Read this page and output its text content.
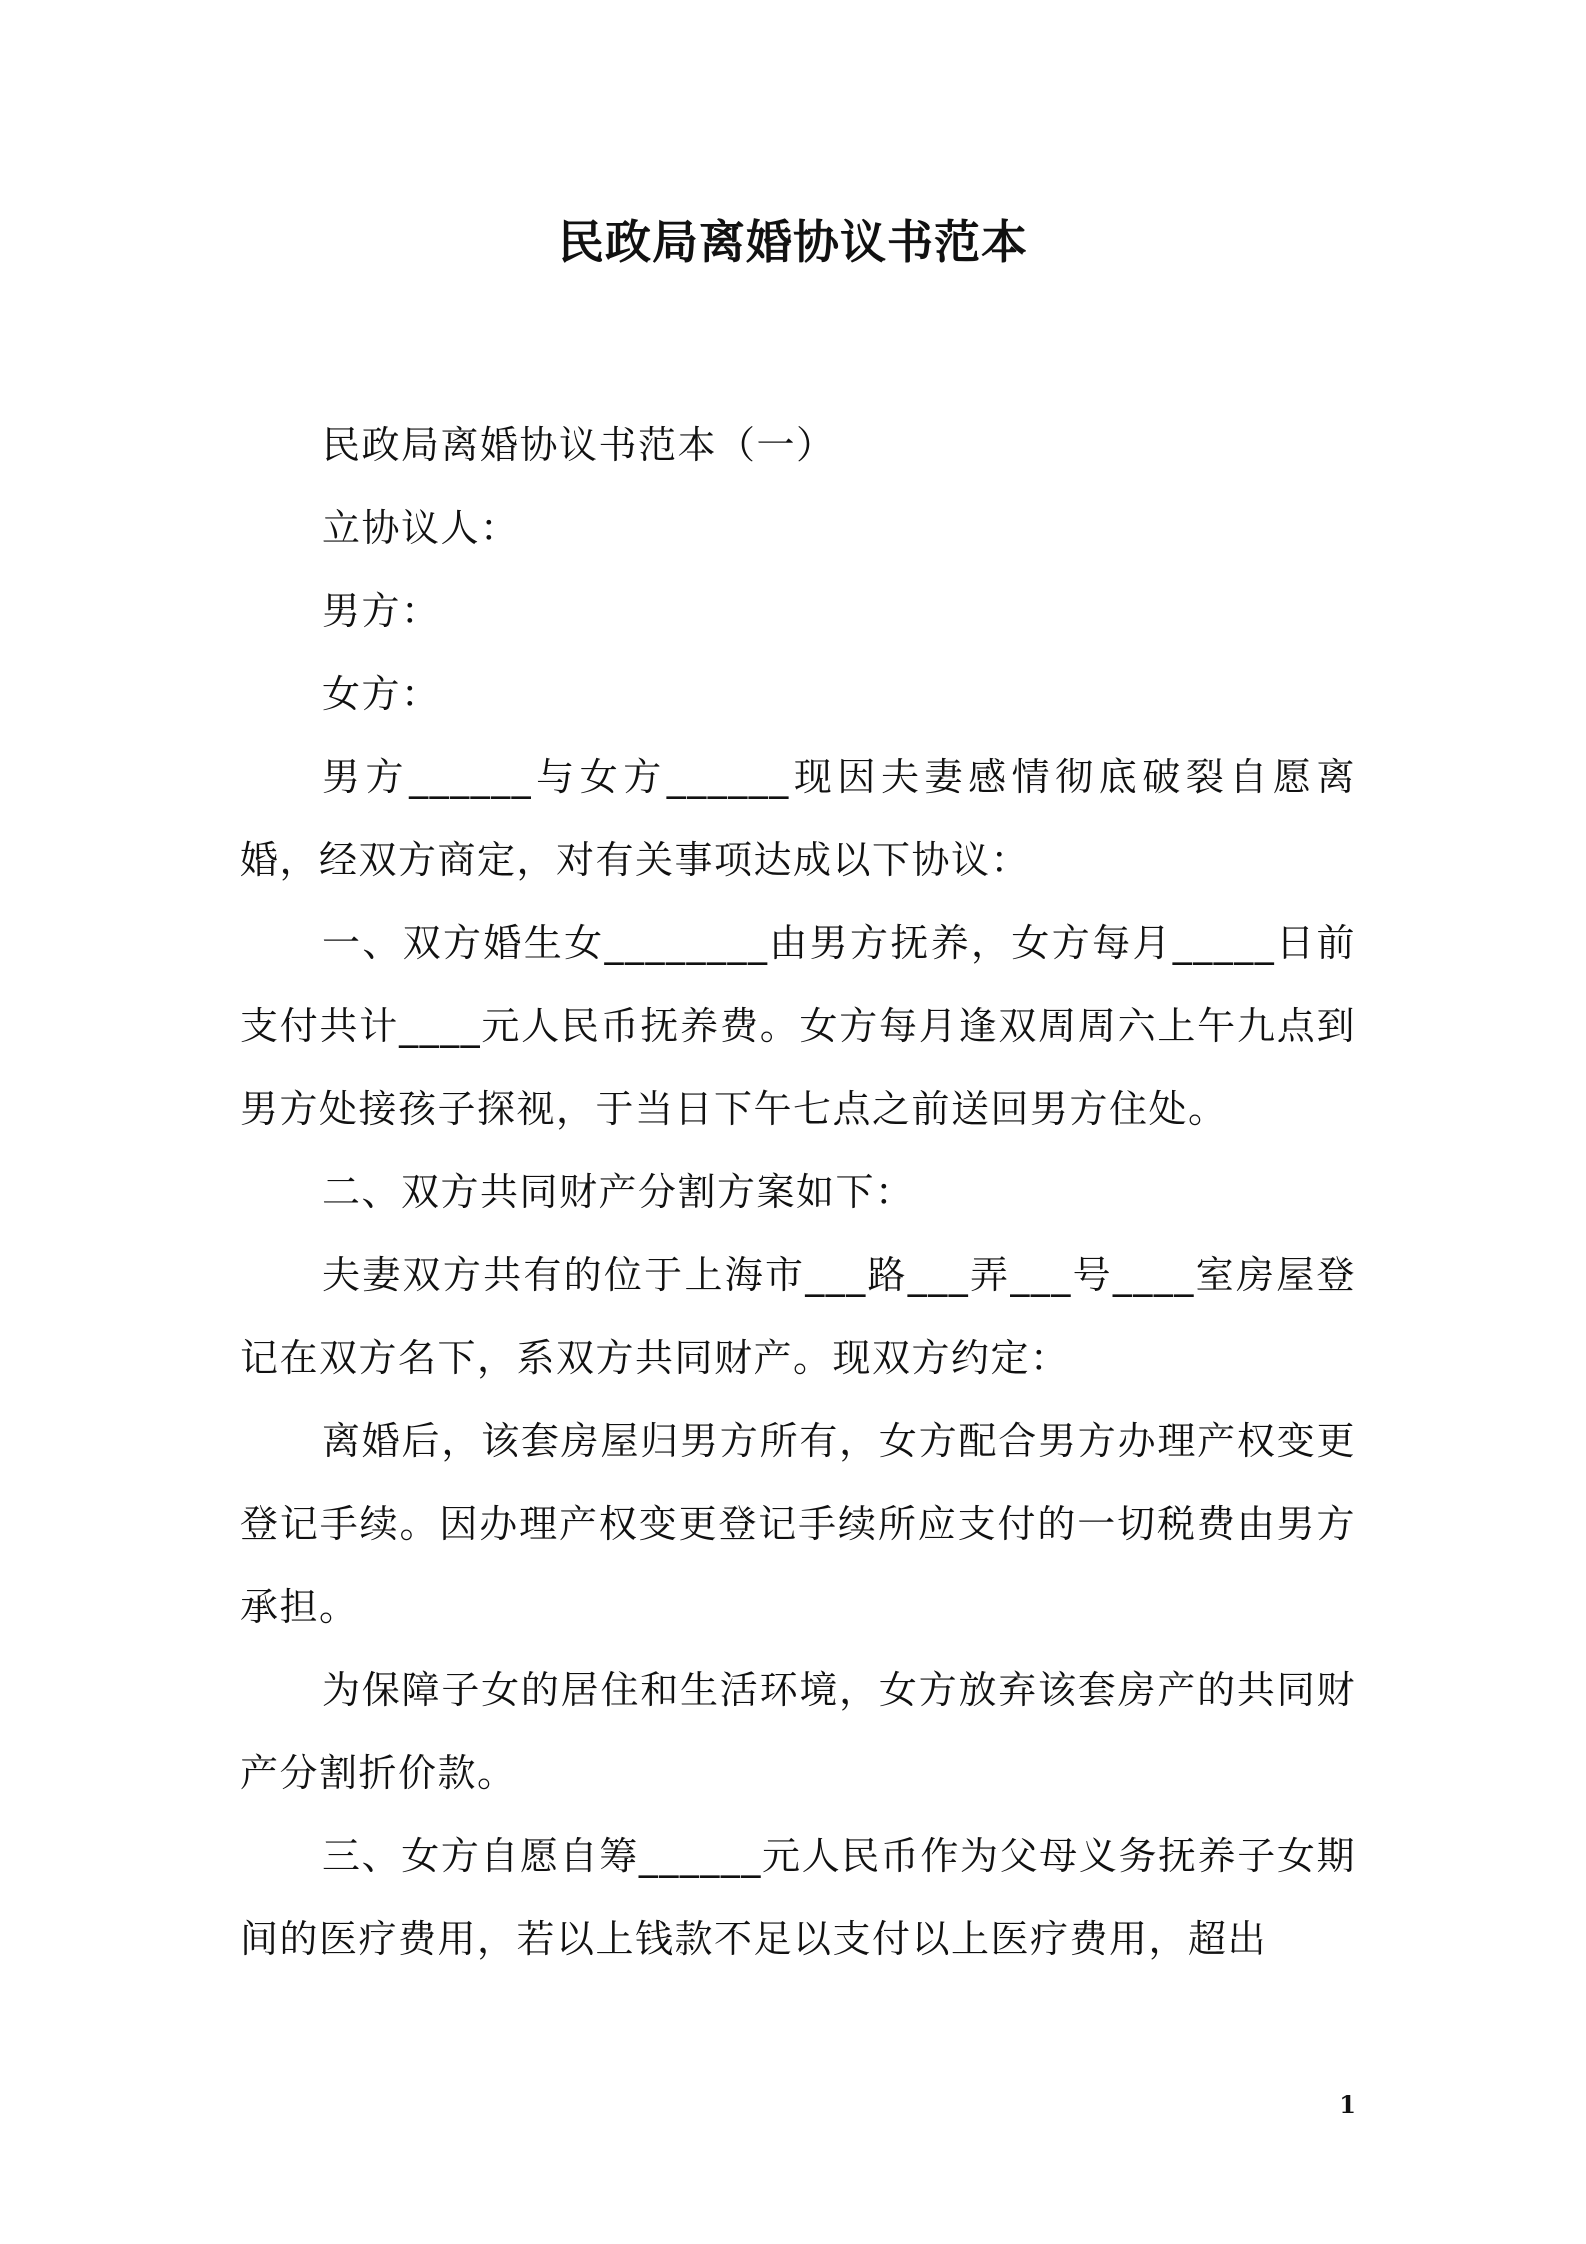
民政局离婚协议书范本

民政局离婚协议书范本（一）

立协议人：

男方：

女方：

男方______与女方______现因夫妻感情彻底破裂自愿离婚，经双方商定，对有关事项达成以下协议：

一、双方婚生女________由男方抚养，女方每月_____日前支付共计____元人民币抚养费。女方每月逢双周周六上午九点到男方处接孩子探视，于当日下午七点之前送回男方住处。

二、双方共同财产分割方案如下：

夫妻双方共有的位于上海市___路___弄___号____室房屋登记在双方名下，系双方共同财产。现双方约定：

离婚后，该套房屋归男方所有，女方配合男方办理产权变更登记手续。因办理产权变更登记手续所应支付的一切税费由男方承担。

为保障子女的居住和生活环境，女方放弃该套房产的共同财产分割折价款。

三、女方自愿自筹______元人民币作为父母义务抚养子女期间的医疗费用，若以上钱款不足以支付以上医疗费用，超出

1
